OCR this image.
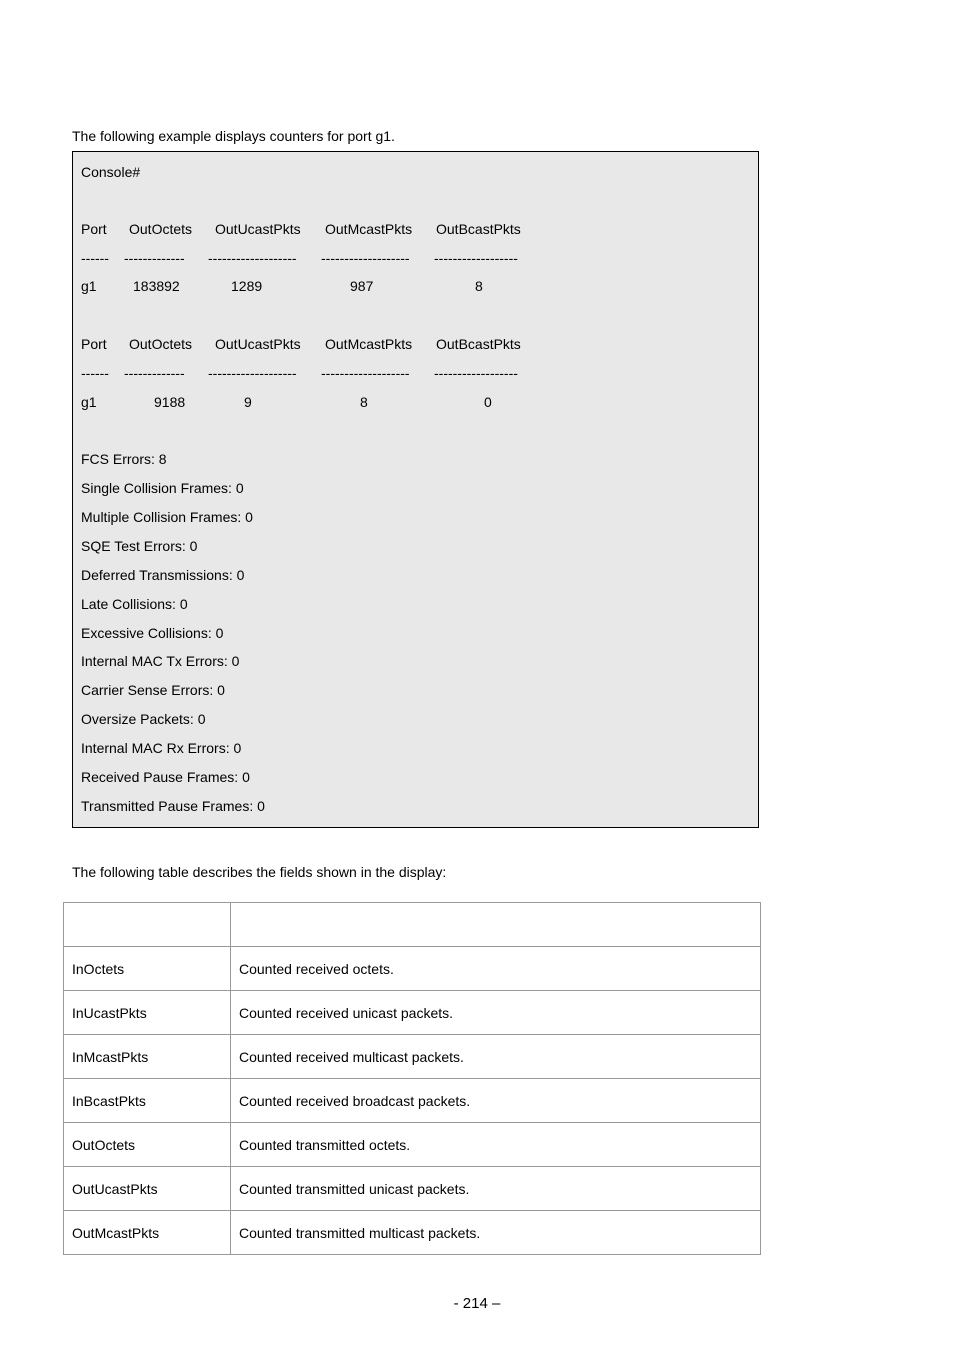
The following example displays counters for port g1.
Console#
Port OutOctets OutUcastPkts OutMcastPkts OutBcastPkts
------ ------------- ------------------- ------------------- ------------------
g1	183892	1289	987	8
Port OutOctets OutUcastPkts OutMcastPkts OutBcastPkts
------ ------------- ------------------- ------------------- ------------------
g1	9188	9	8	0
FCS Errors: 8
Single Collision Frames: 0
Multiple Collision Frames: 0
SQE Test Errors: 0
Deferred Transmissions: 0
Late Collisions: 0
Excessive Collisions: 0
Internal MAC Tx Errors: 0
Carrier Sense Errors: 0
Oversize Packets: 0
Internal MAC Rx Errors: 0
Received Pause Frames: 0
Transmitted Pause Frames: 0
The following table describes the fields shown in the display:

InOctets	Counted received octets.
InUcastPkts	Counted received unicast packets.
InMcastPkts	Counted received multicast packets.
InBcastPkts	Counted received broadcast packets.
OutOctets	Counted transmitted octets.
OutUcastPkts	Counted transmitted unicast packets.
OutMcastPkts	Counted transmitted multicast packets.
- 214 –
